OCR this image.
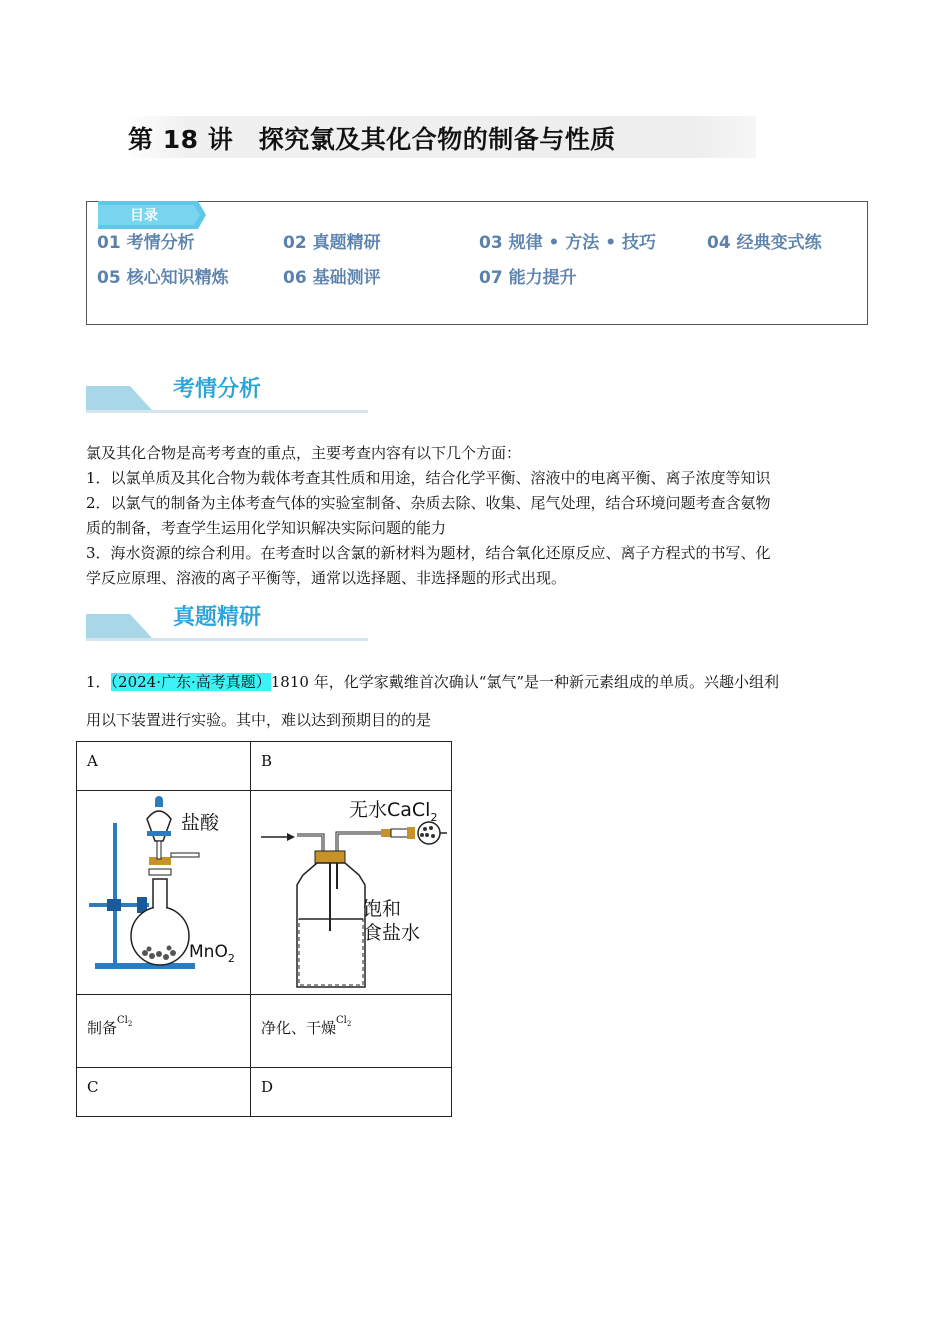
第 18 讲　探究氯及其化合物的制备与性质
目录
01 考情分析	02 真题精研	03 规律 • 方法 • 技巧	04 经典变式练
05 核心知识精炼	06 基础测评	07 能力提升
考情分析
氯及其化合物是高考考查的重点，主要考查内容有以下几个方面：
1．以氯单质及其化合物为载体考查其性质和用途，结合化学平衡、溶液中的电离平衡、离子浓度等知识
2．以氯气的制备为主体考查气体的实验室制备、杂质去除、收集、尾气处理，结合环境问题考查含氨物
质的制备，考查学生运用化学知识解决实际问题的能力
3．海水资源的综合利用。在考查时以含氯的新材料为题材，结合氧化还原反应、离子方程式的书写、化
学反应原理、溶液的离子平衡等，通常以选择题、非选择题的形式出现。
真题精研
1．（2024·广东·高考真题）1810 年，化学家戴维首次确认“氯气”是一种新元素组成的单质。兴趣小组利
用以下装置进行实验。其中，难以达到预期目的的是
A	B

盐酸
MnO$_2$	无水CaCl$_2$
饱和
食盐水

制备$^{Cl_2}$	净化、干燥$^{Cl_2}$

C	D
